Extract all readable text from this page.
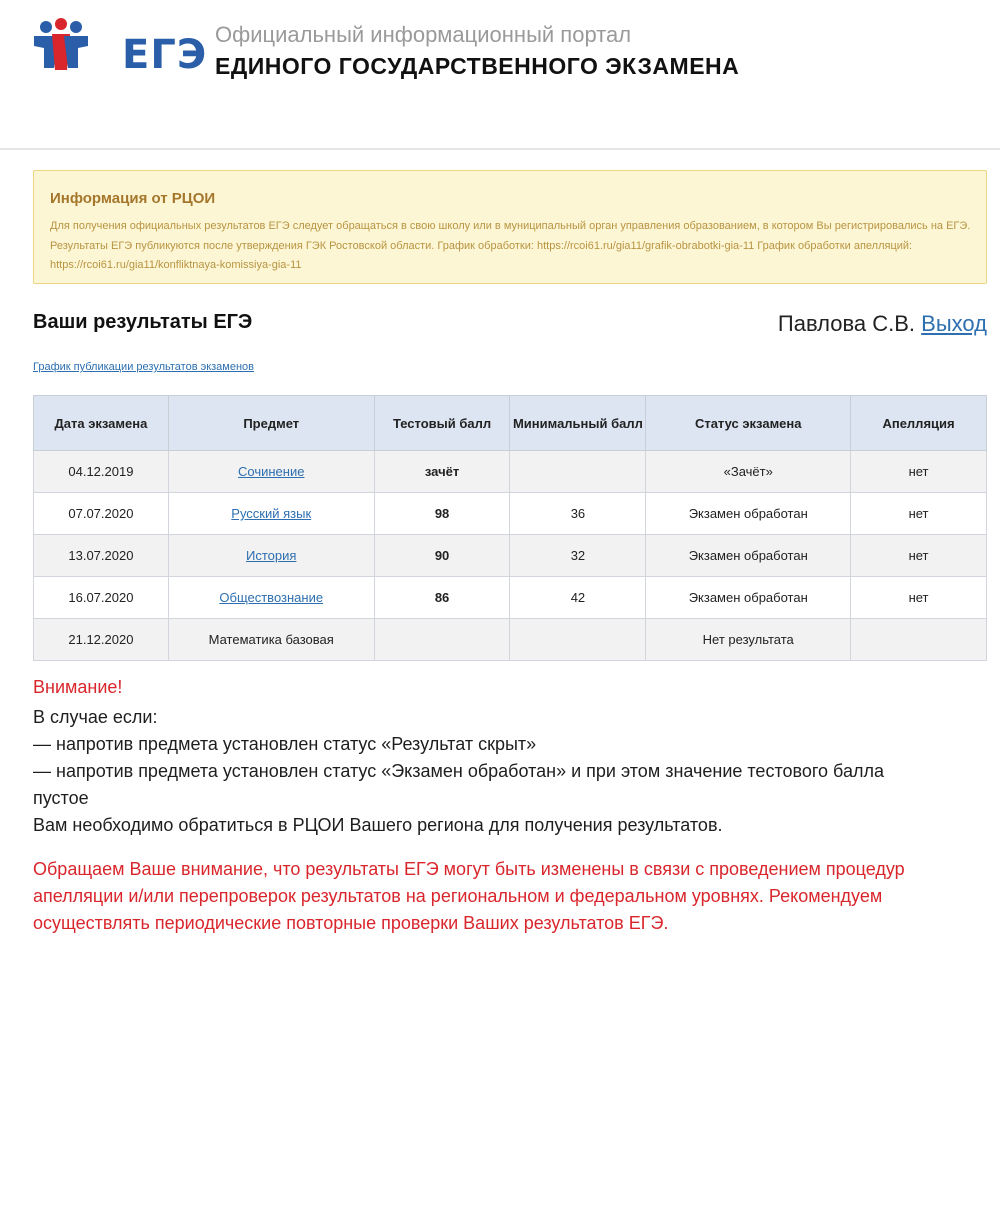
ЕГЭ Официальный информационный портал
ЕДИНОГО ГОСУДАРСТВЕННОГО ЭКЗАМЕНА
Информация от РЦОИ
Для получения официальных результатов ЕГЭ следует обращаться в свою школу или в муниципальный орган управления образованием, в котором Вы регистрировались на ЕГЭ. Результаты ЕГЭ публикуются после утверждения ГЭК Ростовской области. График обработки: https://rcoi61.ru/gia11/grafik-obrabotki-gia-11 График обработки апелляций: https://rcoi61.ru/gia11/konfliktnaya-komissiya-gia-11
Ваши результаты ЕГЭ	Павлова С.В. Выход
График публикации результатов экзаменов
Дата экзамена	Предмет	Тестовый балл	Минимальный балл	Статус экзамена	Апелляция
04.12.2019	Сочинение	зачёт		«Зачёт»	нет
07.07.2020	Русский язык	98	36	Экзамен обработан	нет
13.07.2020	История	90	32	Экзамен обработан	нет
16.07.2020	Обществознание	86	42	Экзамен обработан	нет
21.12.2020	Математика базовая			Нет результата	
Внимание!
В случае если:
— напротив предмета установлен статус «Результат скрыт»
— напротив предмета установлен статус «Экзамен обработан» и при этом значение тестового балла пустое
Вам необходимо обратиться в РЦОИ Вашего региона для получения результатов.
Обращаем Ваше внимание, что результаты ЕГЭ могут быть изменены в связи с проведением процедур апелляции и/или перепроверок результатов на региональном и федеральном уровнях. Рекомендуем осуществлять периодические повторные проверки Ваших результатов ЕГЭ.
